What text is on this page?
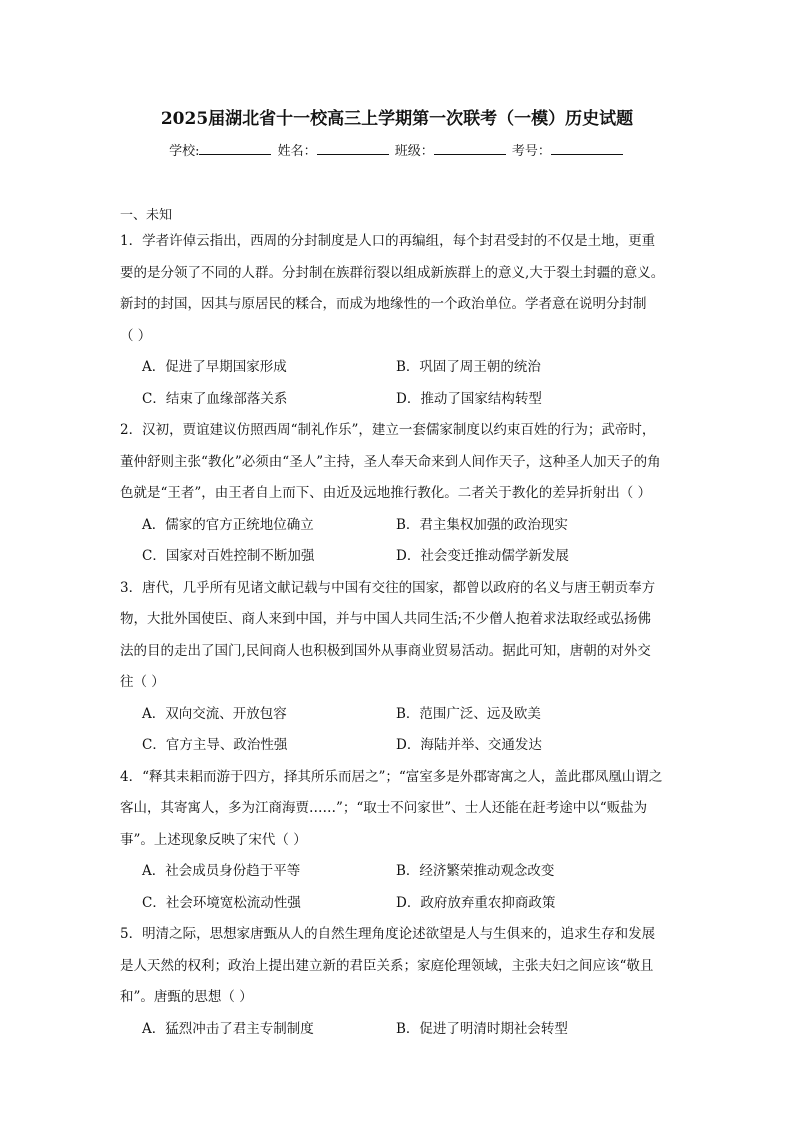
2025届湖北省十一校高三上学期第一次联考（一模）历史试题
学校:	姓名：	班级：	考号：
一、未知
1．学者许倬云指出，西周的分封制度是人口的再编组，每个封君受封的不仅是土地，更重
要的是分领了不同的人群。分封制在族群衍裂以组成新族群上的意义,大于裂土封疆的意义。
新封的封国，因其与原居民的糅合，而成为地缘性的一个政治单位。学者意在说明分封制
（ ）
A．促进了早期国家形成	B．巩固了周王朝的统治
C．结束了血缘部落关系	D．推动了国家结构转型
2．汉初，贾谊建议仿照西周“制礼作乐”，建立一套儒家制度以约束百姓的行为；武帝时，
董仲舒则主张“教化”必须由“圣人”主持，圣人奉天命来到人间作天子，这种圣人加天子的角
色就是“王者”，由王者自上而下、由近及远地推行教化。二者关于教化的差异折射出（ ）
A．儒家的官方正统地位确立	B．君主集权加强的政治现实
C．国家对百姓控制不断加强	D．社会变迁推动儒学新发展
3．唐代，几乎所有见诸文献记载与中国有交往的国家，都曾以政府的名义与唐王朝贡奉方
物，大批外国使臣、商人来到中国，并与中国人共同生活;不少僧人抱着求法取经或弘扬佛
法的目的走出了国门,民间商人也积极到国外从事商业贸易活动。据此可知，唐朝的对外交
往（ ）
A．双向交流、开放包容	B．范围广泛、远及欧美
C．官方主导、政治性强	D．海陆并举、交通发达
4．“释其耒耜而游于四方，择其所乐而居之”；“富室多是外郡寄寓之人，盖此郡凤凰山谓之
客山，其寄寓人，多为江商海贾……”；“取士不问家世”、士人还能在赶考途中以“贩盐为
事”。上述现象反映了宋代（ ）
A．社会成员身份趋于平等	B．经济繁荣推动观念改变
C．社会环境宽松流动性强	D．政府放弃重农抑商政策
5．明清之际，思想家唐甄从人的自然生理角度论述欲望是人与生俱来的，追求生存和发展
是人天然的权利；政治上提出建立新的君臣关系；家庭伦理领域，主张夫妇之间应该“敬且
和”。唐甄的思想（ ）
A．猛烈冲击了君主专制制度	B．促进了明清时期社会转型
